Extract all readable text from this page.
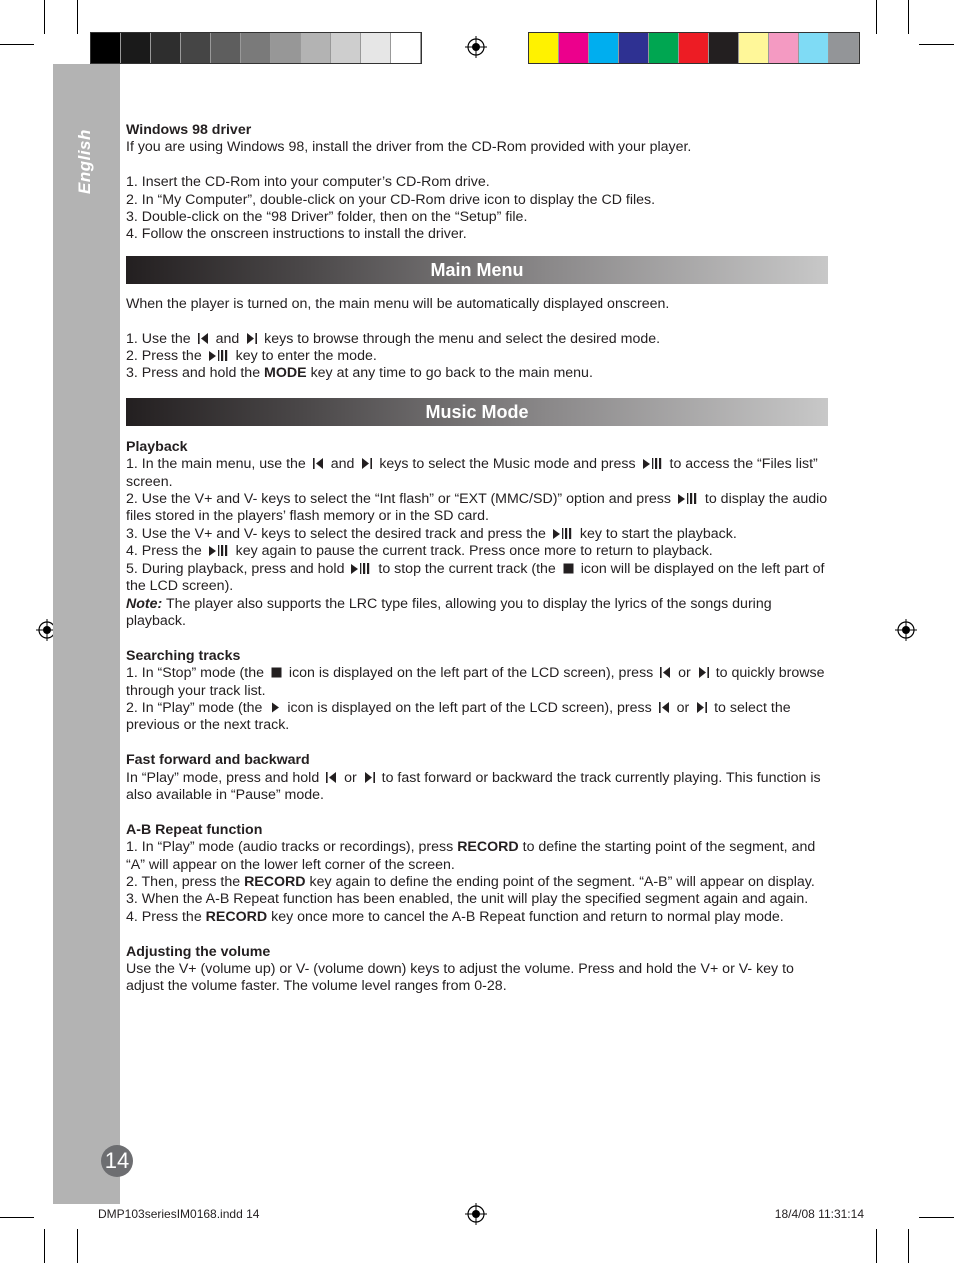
English Windows 98 driver

If you are using Windows 98, install the driver from the CD-Rom provided with your player.

1. Insert the CD-Rom into your computer’s CD-Rom drive.

2. In “My Computer”, double-click on your CD-Rom drive icon to display the CD files.

3. Double-click on the “98 Driver” folder, then on the “Setup” file.

4. Follow the onscreen instructions to install the driver.

Main Menu

When the player is turned on, the main menu will be automatically displayed onscreen.

1. Use the and keys to browse through the menu and select the desired mode.

2. Press the key to enter the mode.

3. Press and hold the MODE key at any time to go back to the main menu.

Music Mode

Playback

1. In the main menu, use the and keys to select the Music mode and press to access the “Files list” screen.

2. Use the V+ and V- keys to select the “Int flash” or “EXT (MMC/SD)” option and press to display the audio files stored in the players’ flash memory or in the SD card.

3. Use the V+ and V- keys to select the desired track and press the key to start the playback.

4. Press the key again to pause the current track. Press once more to return to playback.

5. During playback, press and hold to stop the current track (the icon will be displayed on the left part of the LCD screen).

Note: The player also supports the LRC type files, allowing you to display the lyrics of the songs during playback.

Searching tracks

1. In “Stop” mode (the icon is displayed on the left part of the LCD screen), press or to quickly browse through your track list.

2. In “Play” mode (the icon is displayed on the left part of the LCD screen), press or to select the previous or the next track.

Fast forward and backward

In “Play” mode, press and hold or to fast forward or backward the track currently playing. This function is also available in “Pause” mode.

A-B Repeat function

1. In “Play” mode (audio tracks or recordings), press RECORD to define the starting point of the segment, and “A” will appear on the lower left corner of the screen.

2. Then, press the RECORD key again to define the ending point of the segment. “A-B” will appear on display.

3. When the A-B Repeat function has been enabled, the unit will play the specified segment again and again.

4. Press the RECORD key once more to cancel the A-B Repeat function and return to normal play mode.

Adjusting the volume

Use the V+ (volume up) or V- (volume down) keys to adjust the volume. Press and hold the V+ or V- key to adjust the volume faster. The volume level ranges from 0-28.

14
DMP103seriesIM0168.indd 14	18/4/08 11:31:14
